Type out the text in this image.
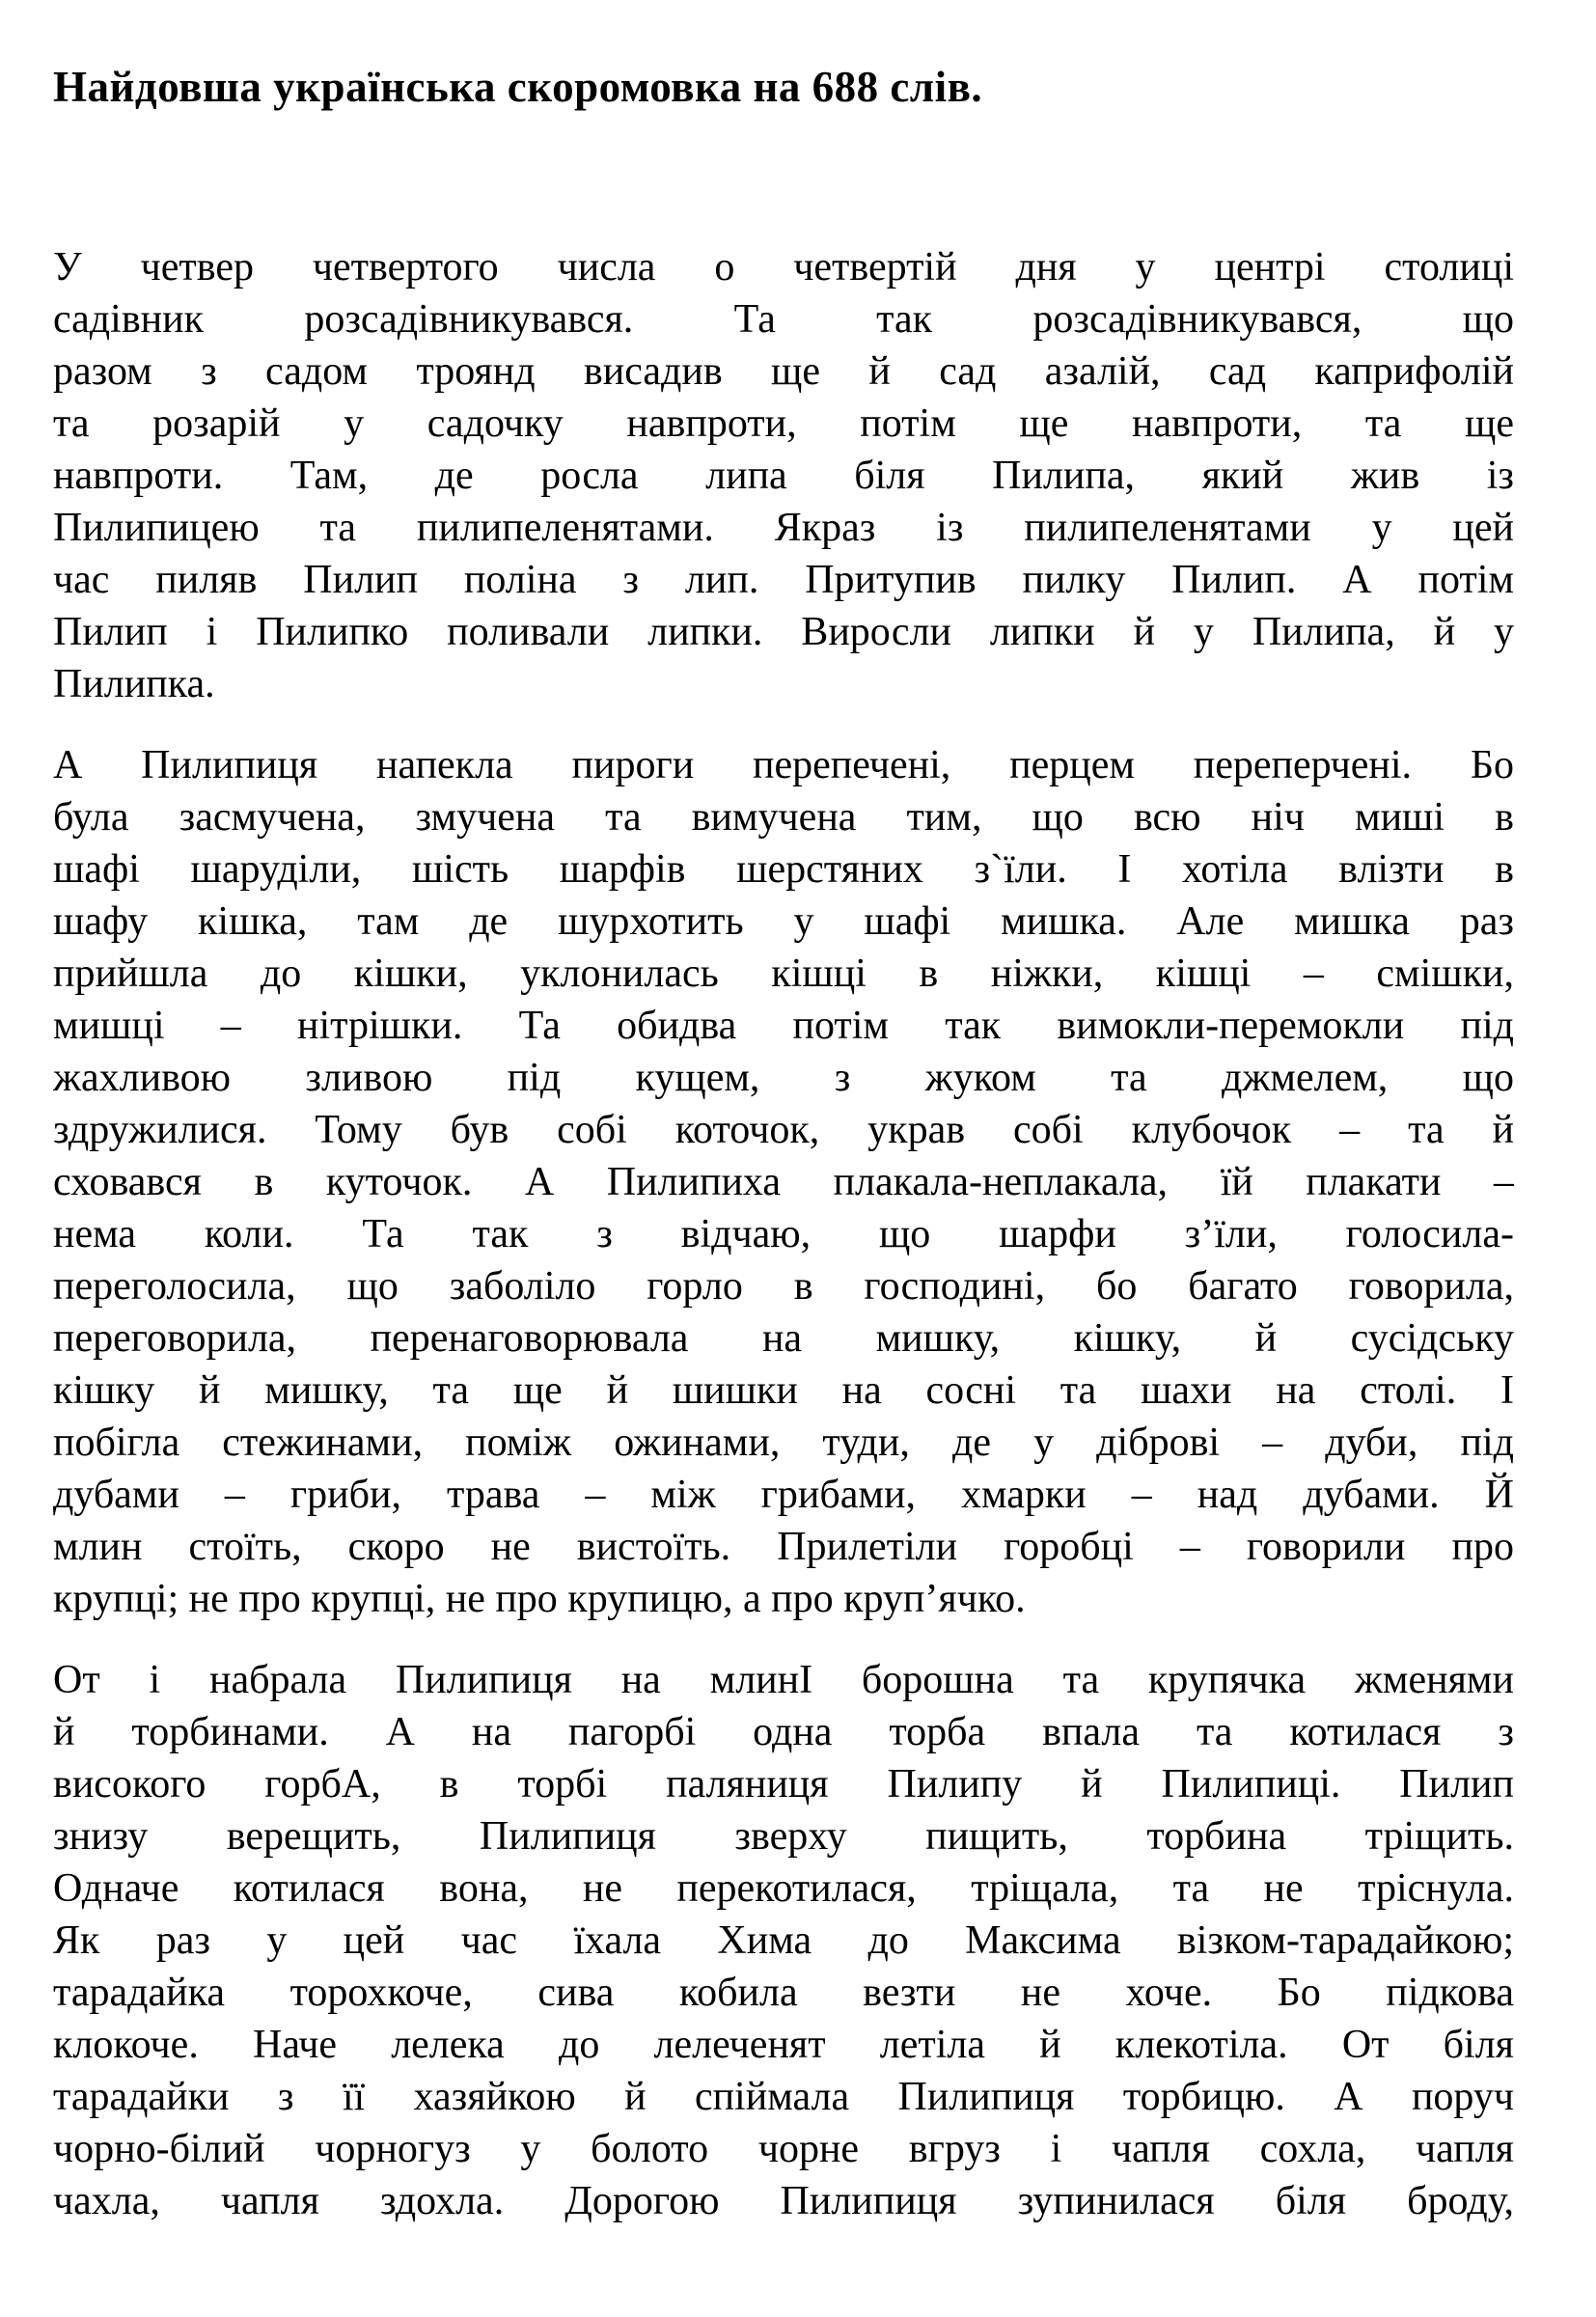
Найдовша українська скоромовка на 688 слів.

У четвер четвертого числа о четвертій дня у центрі столиці
садівник розсадівникувався. Та так розсадівникувався, що
разом з садом троянд висадив ще й сад азалій, сад каприфолій
та розарій у садочку навпроти, потім ще навпроти, та ще
навпроти. Там, де росла липа біля Пилипа, який жив із
Пилипицею та пилипеленятами. Якраз із пилипеленятами у цей
час пиляв Пилип поліна з лип. Притупив пилку Пилип. А потім
Пилип і Пилипко поливали липки. Виросли липки й у Пилипа, й у
Пилипка.

А Пилипиця напекла пироги перепечені, перцем переперчені. Бо
була засмучена, змучена та вимучена тим, що всю ніч миші в
шафі шаруділи, шість шарфів шерстяних з`їли. І хотіла влізти в
шафу кішка, там де шурхотить у шафі мишка. Але мишка раз
прийшла до кішки, уклонилась кішці в ніжки, кішці – смішки,
мишці – нітрішки. Та обидва потім так вимокли-перемокли під
жахливою зливою під кущем, з жуком та джмелем, що
здружилися. Тому був собі коточок, украв собі клубочок – та й
сховався в куточок. А Пилипиха плакала-неплакала, їй плакати –
нема коли. Та так з відчаю, що шарфи з’їли, голосила-
переголосила, що заболіло горло в господині, бо багато говорила,
переговорила, перенаговорювала на мишку, кішку, й сусідську
кішку й мишку, та ще й шишки на сосні та шахи на столі. І
побігла стежинами, поміж ожинами, туди, де у діброві – дуби, під
дубами – гриби, трава – між грибами, хмарки – над дубами. Й
млин стоїть, скоро не вистоїть. Прилетіли горобці – говорили про
крупці; не про крупці, не про крупицю, а про круп’ячко.

От і набрала Пилипиця на млинІ борошна та крупячка жменями
й торбинами. А на пагорбі одна торба впала та котилася з
високого горбА, в торбі паляниця Пилипу й Пилипиці. Пилип
знизу верещить, Пилипиця зверху пищить, торбина тріщить.
Одначе котилася вона, не перекотилася, тріщала, та не тріснула.
Як раз у цей час їхала Хима до Максима візком-тарадайкою;
тарадайка торохкоче, сива кобила везти не хоче. Бо підкова
клокоче. Наче лелека до лелеченят летіла й клекотіла. От біля
тарадайки з її хазяйкою й спіймала Пилипиця торбицю. А поруч
чорно-білий чорногуз у болото чорне вгруз і чапля сохла, чапля
чахла, чапля здохла. Дорогою Пилипиця зупинилася біля броду,
